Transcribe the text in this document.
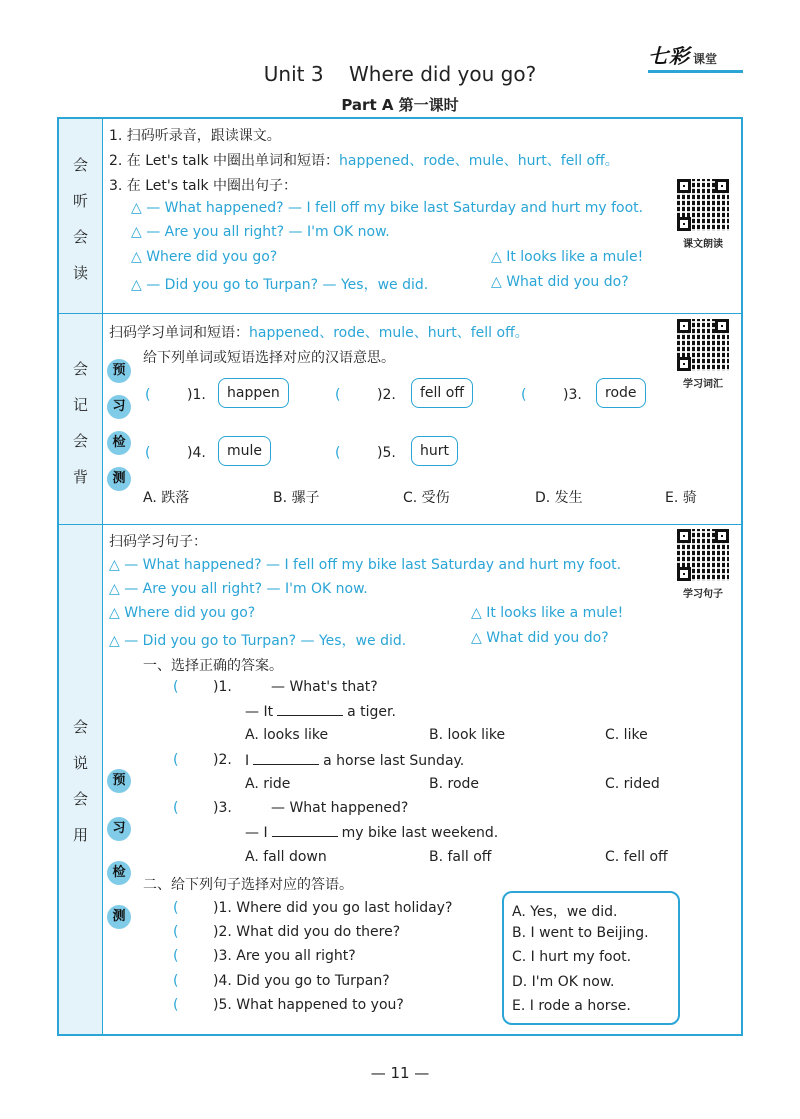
七彩 课堂
Unit 3    Where did you go?
Part A 第一课时
会
听
会
读
1. 扫码听录音，跟读课文。
2. 在 Let's talk 中圈出单词和短语：happened、rode、mule、hurt、fell off。
3. 在 Let's talk 中圈出句子：
△ — What happened? — I fell off my bike last Saturday and hurt my foot.
△ — Are you all right? — I'm OK now.
△ Where did you go?	△ It looks like a mule!
△ — Did you go to Turpan? — Yes，we did.	△ What did you do?
课文朗读
会
记
会
背
预
习
检
测
扫码学习单词和短语：happened、rode、mule、hurt、fell off。
给下列单词或短语选择对应的汉语意思。
学习词汇
(	)1.	happen	(	)2.	fell off	(	)3.	rode
(	)4.	mule	(	)5.	hurt
A. 跌落	B. 骡子	C. 受伤	D. 发生	E. 骑
会
说
会
用
预
习
检
测
扫码学习句子：
学习句子
△ — What happened? — I fell off my bike last Saturday and hurt my foot.
△ — Are you all right? — I'm OK now.
△ Where did you go?	△ It looks like a mule!
△ — Did you go to Turpan? — Yes，we did.	△ What did you do?
一、选择正确的答案。
( )1.	— What's that?
— It	a tiger.
A. looks like	B. look like	C. like
( )2. I	a horse last Sunday.
A. ride	B. rode	C. rided
( )3.	— What happened?
— I	my bike last weekend.
A. fall down	B. fall off	C. fell off
二、给下列句子选择对应的答语。
( )1. Where did you go last holiday?
( )2. What did you do there?
( )3. Are you all right?
( )4. Did you go to Turpan?
( )5. What happened to you?
A. Yes，we did.
B. I went to Beijing.
C. I hurt my foot.
D. I'm OK now.
E. I rode a horse.
— 11 —
